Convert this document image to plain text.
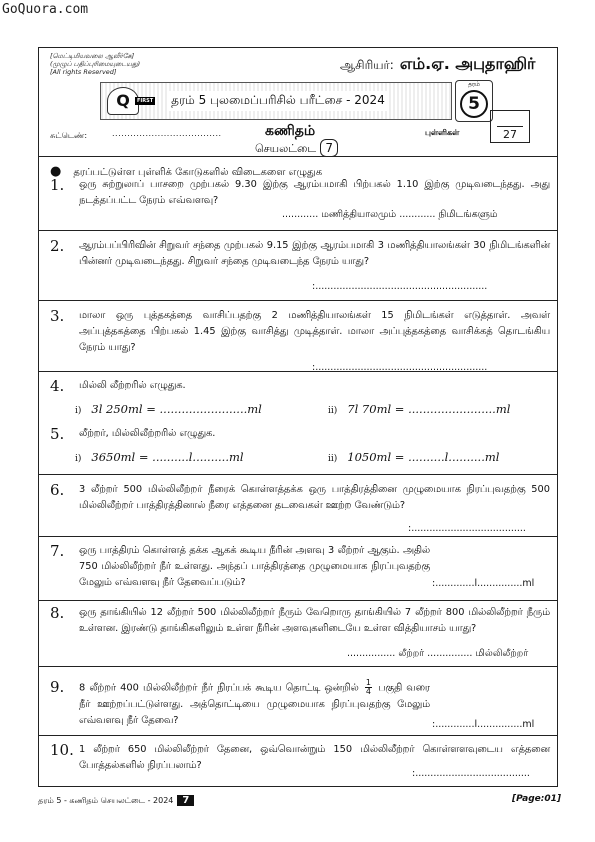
GoQuora.com
[மெட்டிமியவலை ஆவீர்கே]
(முழுப் பதிப்புரிமையுடையது)
[All rights Reserved]	ஆசிரியர்: எம்.ஏ. அபுதாஹிர்
Q	FIRST	தரம் 5 புலமைப்பரிசில் பரீட்சை - 2024
தரம்
5
சுட்டெண்:	....................................	கணிதம்
செயலட்டை 7
புள்ளிகள்	27
● தரப்பட்டுள்ள புள்ளிக் கோடுகளில் விடைகளை எழுதுக
1. ஒரு சுற்றுலாப் பாசறை முற்பகல் 9.30 இற்கு ஆரம்பமாகி பிற்பகல் 1.10 இற்கு முடிவடைந்தது. அது நடத்தப்பட்ட நேரம் எவ்வளவு?
............ மணித்தியாலமும் ............ நிமிடங்களும்
2. ஆரம்பப்பிரிவின் சிறுவர் சந்தை முற்பகல் 9.15 இற்கு ஆரம்பமாகி 3 மணித்தியாலங்கள் 30 நிமிடங்களின் பின்னர் முடிவடைந்தது. சிறுவர் சந்தை முடிவடைந்த நேரம் யாது?
:.........................................................
3. மாலா ஒரு புத்தகத்தை வாசிப்பதற்கு 2 மணித்தியாலங்கள் 15 நிமிடங்கள் எடுத்தாள். அவள் அப்புத்தகத்தை பிற்பகல் 1.45 இற்கு வாசித்து முடித்தாள். மாலா அப்புத்தகத்தை வாசிக்கத் தொடங்கிய நேரம் யாது?
:.........................................................
4. மில்லி லீற்றரில் எழுதுக.
i) 3l 250ml = ........................ml	ii) 7l 70ml = ........................ml
5. லீற்றர், மில்லிலீற்றரில் எழுதுக.
i) 3650ml = ..........l..........ml	ii) 1050ml = ..........l..........ml
6. 3 லீற்றர் 500 மில்லிலீற்றர் நீரைக் கொள்ளத்தக்க ஒரு பாத்திரத்தினை முழுமையாக நிரப்புவதற்கு 500 மில்லிலீற்றர் பாத்திரத்தினால் நீரை எத்தனை தடவைகள் ஊற்ற வேண்டும்?
:......................................
7. ஒரு பாத்திரம் கொள்ளத் தக்க ஆகக் கூடிய நீரின் அளவு 3 லீற்றர் ஆகும். அதில் 750 மில்லிலீற்றர் நீர் உள்ளது. அந்தப் பாத்திரத்தை முழுமையாக நிரப்புவதற்கு மேலும் எவ்வளவு நீர் தேவைப்படும்?	:.............l...............ml
8. ஒரு தாங்கியில் 12 லீற்றர் 500 மில்லிலீற்றர் நீரும் வேறொரு தாங்கியில் 7 லீற்றர் 800 மில்லிலீற்றர் நீரும் உள்ளன. இரண்டு தாங்கிகளிலும் உள்ள நீரின் அளவுகளிடையே உள்ள வித்தியாசம் யாது?
................ லீற்றர் ............... மில்லிலீற்றர்
9. 8 லீற்றர் 400 மில்லிலீற்றர் நீர் நிரப்பக் கூடிய தொட்டி ஒன்றில் $\frac{1}{4}$ பகுதி வரை நீர் ஊற்றப்பட்டுள்ளது. அத்தொட்டியை முழுமையாக நிரப்புவதற்கு மேலும் எவ்வளவு நீர் தேவை?	:.............l...............ml
10. 1 லீற்றர் 650 மில்லிலீற்றர் தேனை, ஒவ்வொன்றும் 150 மில்லிலீற்றர் கொள்ளளவுடைய எத்தனை போத்தல்களில் நிரப்பலாம்?
:......................................
தரம் 5 - கணிதம் செயலட்டை - 2024 7	[Page:01]
